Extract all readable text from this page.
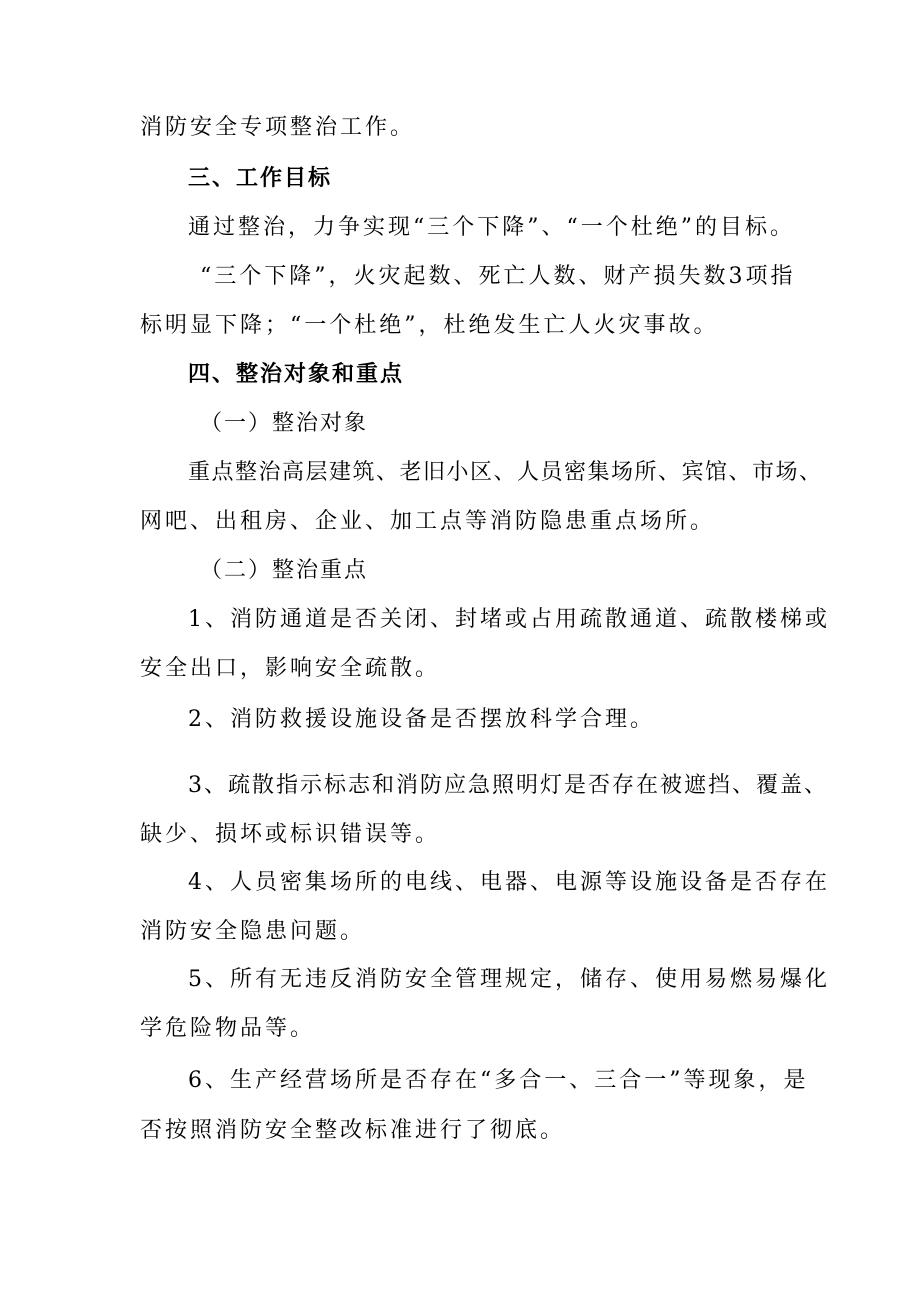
消防安全专项整治工作。

三、工作目标

通过整治，力争实现“三个下降”、“一个杜绝”的目标。

“三个下降”，火灾起数、死亡人数、财产损失数3项指

标明显下降；“一个杜绝”，杜绝发生亡人火灾事故。

四、整治对象和重点

（一）整治对象

重点整治高层建筑、老旧小区、人员密集场所、宾馆、市场、

网吧、出租房、企业、加工点等消防隐患重点场所。

（二）整治重点

1、消防通道是否关闭、封堵或占用疏散通道、疏散楼梯或

安全出口，影响安全疏散。

2、消防救援设施设备是否摆放科学合理。

3、疏散指示标志和消防应急照明灯是否存在被遮挡、覆盖、

缺少、损坏或标识错误等。

4、人员密集场所的电线、电器、电源等设施设备是否存在

消防安全隐患问题。

5、所有无违反消防安全管理规定，储存、使用易燃易爆化

学危险物品等。

6、生产经营场所是否存在“多合一、三合一”等现象，是

否按照消防安全整改标准进行了彻底。
